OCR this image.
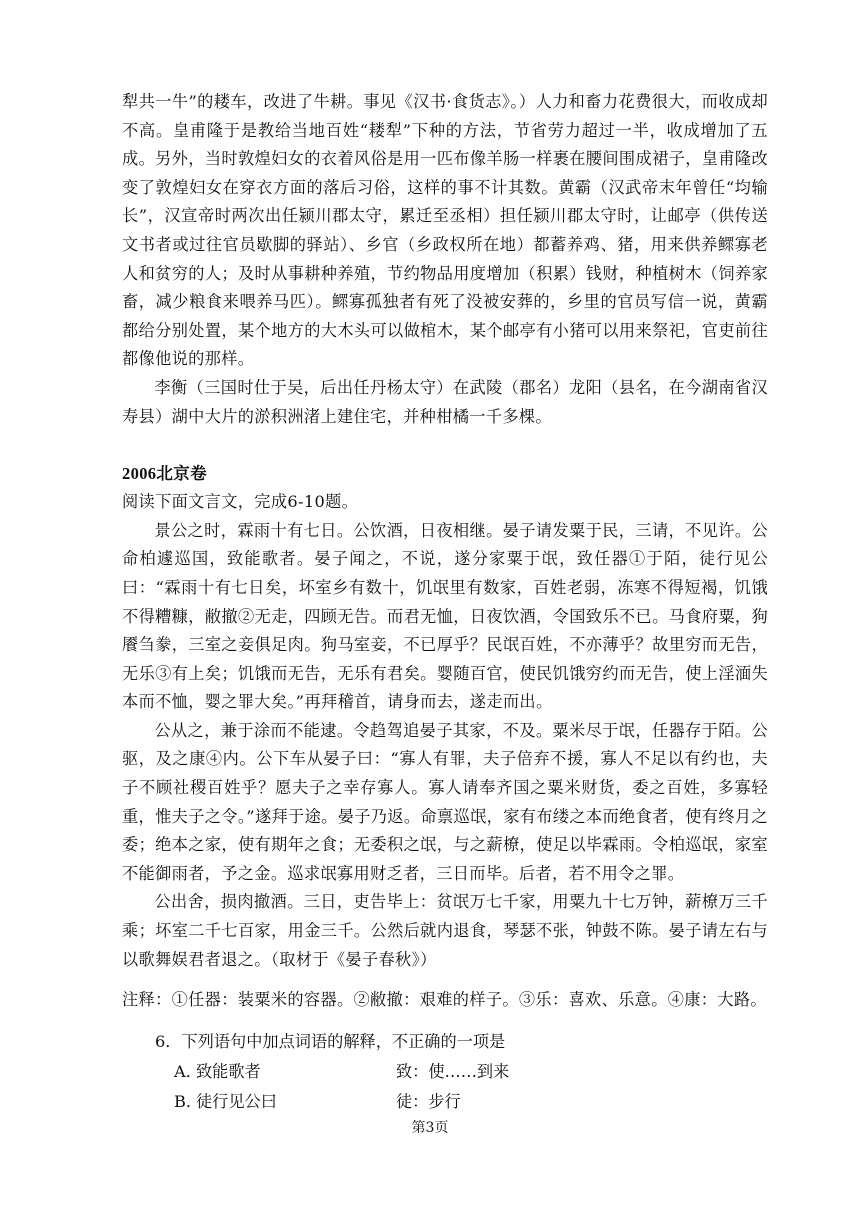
犁共一牛”的耧车，改进了牛耕。事见《汉书·食货志》。）人力和畜力花费很大，而收成却不高。皇甫隆于是教给当地百姓“耧犁”下种的方法，节省劳力超过一半，收成增加了五成。另外，当时敦煌妇女的衣着风俗是用一匹布像羊肠一样裹在腰间围成裙子，皇甫隆改变了敦煌妇女在穿衣方面的落后习俗，这样的事不计其数。黄霸（汉武帝末年曾任“均输长”，汉宣帝时两次出任颍川郡太守，累迁至丞相）担任颍川郡太守时，让邮亭（供传送文书者或过往官员歇脚的驿站）、乡官（乡政权所在地）都蓄养鸡、猪，用来供养鳏寡老人和贫穷的人；及时从事耕种养殖，节约物品用度增加（积累）钱财，种植树木（饲养家畜，减少粮食来喂养马匹）。鳏寡孤独者有死了没被安葬的，乡里的官员写信一说，黄霸都给分别处置，某个地方的大木头可以做棺木，某个邮亭有小猪可以用来祭祀，官吏前往都像他说的那样。

李衡（三国时仕于吴，后出任丹杨太守）在武陵（郡名）龙阳（县名，在今湖南省汉寿县）湖中大片的淤积洲渚上建住宅，并种柑橘一千多棵。

2006北京卷

阅读下面文言文，完成6-10题。

景公之时，霖雨十有七日。公饮酒，日夜相继。晏子请发粟于民，三请，不见许。公命柏遽巡国，致能歌者。晏子闻之，不说，遂分家粟于氓，致任器①于陌，徒行见公曰：“霖雨十有七日矣，坏室乡有数十，饥氓里有数家，百姓老弱，冻寒不得短褐，饥饿不得糟糠，敝撤②无走，四顾无告。而君无恤，日夜饮酒，令国致乐不已。马食府粟，狗餍刍豢，三室之妾俱足肉。狗马室妾，不已厚乎？民氓百姓，不亦薄乎？故里穷而无告，无乐③有上矣；饥饿而无告，无乐有君矣。婴随百官，使民饥饿穷约而无告，使上淫湎失本而不恤，婴之罪大矣。”再拜稽首，请身而去，遂走而出。

公从之，兼于涂而不能逮。令趋驾追晏子其家，不及。粟米尽于氓，任器存于陌。公驱，及之康④内。公下车从晏子曰：“寡人有罪，夫子倍弃不援，寡人不足以有约也，夫子不顾社稷百姓乎？愿夫子之幸存寡人。寡人请奉齐国之粟米财货，委之百姓，多寡轻重，惟夫子之令。”遂拜于途。晏子乃返。命禀巡氓，家有布缕之本而绝食者，使有终月之委；绝本之家，使有期年之食；无委积之氓，与之薪橑，使足以毕霖雨。令柏巡氓，家室不能御雨者，予之金。巡求氓寡用财乏者，三日而毕。后者，若不用令之罪。

公出舍，损肉撤酒。三日，吏告毕上：贫氓万七千家，用粟九十七万钟，薪橑万三千乘；坏室二千七百家，用金三千。公然后就内退食，琴瑟不张，钟鼓不陈。晏子请左右与以歌舞娱君者退之。（取材于《晏子春秋》）

注释：①任器：装粟米的容器。②敝撤：艰难的样子。③乐：喜欢、乐意。④康：大路。

6．下列语句中加点词语的解释，不正确的一项是

A．
致能歌者	致：使……到来
B．
徒行见公曰	徒：步行
第3页
